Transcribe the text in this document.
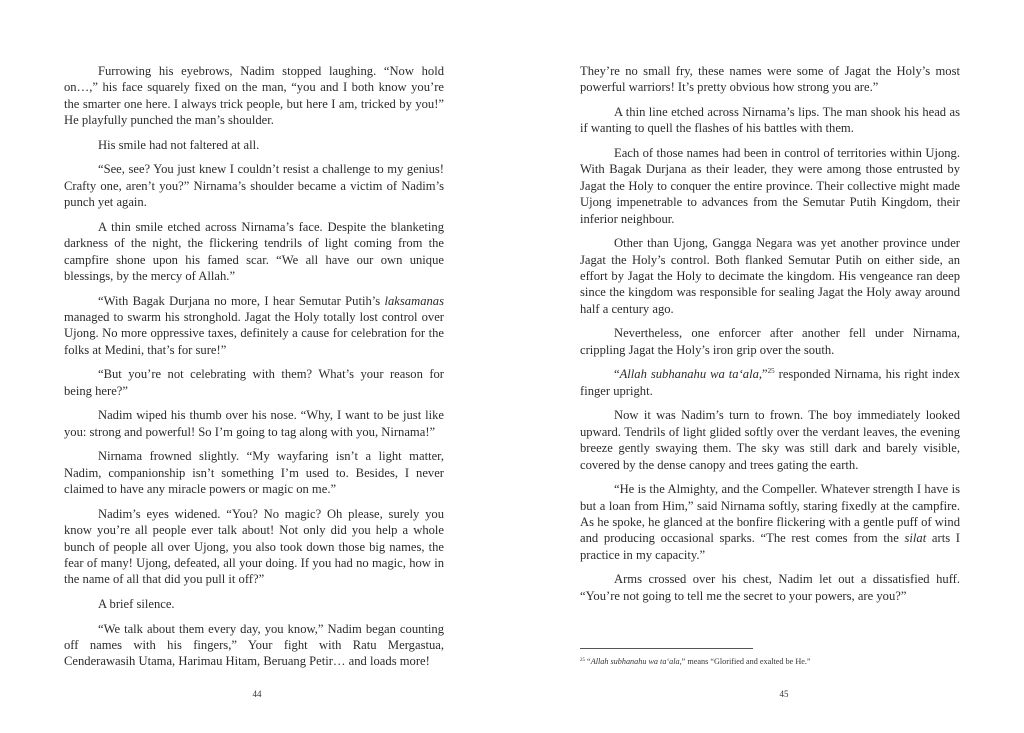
Furrowing his eyebrows, Nadim stopped laughing. “Now hold on…,” his face squarely fixed on the man, “you and I both know you’re the smarter one here. I always trick people, but here I am, tricked by you!” He playfully punched the man’s shoulder.

His smile had not faltered at all.

“See, see? You just knew I couldn’t resist a challenge to my genius! Crafty one, aren’t you?” Nirnama’s shoulder became a victim of Nadim’s punch yet again.

A thin smile etched across Nirnama’s face. Despite the blanketing darkness of the night, the flickering tendrils of light coming from the campfire shone upon his famed scar. “We all have our own unique blessings, by the mercy of Allah.”

“With Bagak Durjana no more, I hear Semutar Putih’s laksamanas managed to swarm his stronghold. Jagat the Holy totally lost control over Ujong. No more oppressive taxes, definitely a cause for celebration for the folks at Medini, that’s for sure!”

“But you’re not celebrating with them? What’s your reason for being here?”

Nadim wiped his thumb over his nose. “Why, I want to be just like you: strong and powerful! So I’m going to tag along with you, Nirnama!”

Nirnama frowned slightly. “My wayfaring isn’t a light matter, Nadim, companionship isn’t something I’m used to. Besides, I never claimed to have any miracle powers or magic on me.”

Nadim’s eyes widened. “You? No magic? Oh please, surely you know you’re all people ever talk about! Not only did you help a whole bunch of people all over Ujong, you also took down those big names, the fear of many! Ujong, defeated, all your doing. If you had no magic, how in the name of all that did you pull it off?”

A brief silence.

“We talk about them every day, you know,” Nadim began counting off names with his fingers,” Your fight with Ratu Mergastua, Cenderawasih Utama, Harimau Hitam, Beruang Petir… and loads more!

44

They’re no small fry, these names were some of Jagat the Holy’s most powerful warriors! It’s pretty obvious how strong you are.”

A thin line etched across Nirnama’s lips. The man shook his head as if wanting to quell the flashes of his battles with them.

Each of those names had been in control of territories within Ujong. With Bagak Durjana as their leader, they were among those entrusted by Jagat the Holy to conquer the entire province. Their collective might made Ujong impenetrable to advances from the Semutar Putih Kingdom, their inferior neighbour.

Other than Ujong, Gangga Negara was yet another province under Jagat the Holy’s control. Both flanked Semutar Putih on either side, an effort by Jagat the Holy to decimate the kingdom. His vengeance ran deep since the kingdom was responsible for sealing Jagat the Holy away around half a century ago.

Nevertheless, one enforcer after another fell under Nirnama, crippling Jagat the Holy’s iron grip over the south.

“Allah subhanahu wa ta‘ala,”$^{25}$ responded Nirnama, his right index finger upright.

Now it was Nadim’s turn to frown. The boy immediately looked upward. Tendrils of light glided softly over the verdant leaves, the evening breeze gently swaying them. The sky was still dark and barely visible, covered by the dense canopy and trees gating the earth.

“He is the Almighty, and the Compeller. Whatever strength I have is but a loan from Him,” said Nirnama softly, staring fixedly at the campfire. As he spoke, he glanced at the bonfire flickering with a gentle puff of wind and producing occasional sparks. “The rest comes from the silat arts I practice in my capacity.”

Arms crossed over his chest, Nadim let out a dissatisfied huff. “You’re not going to tell me the secret to your powers, are you?”

$^{25}$ “Allah subhanahu wa ta‘ala,” means “Glorified and exalted be He.”
45
